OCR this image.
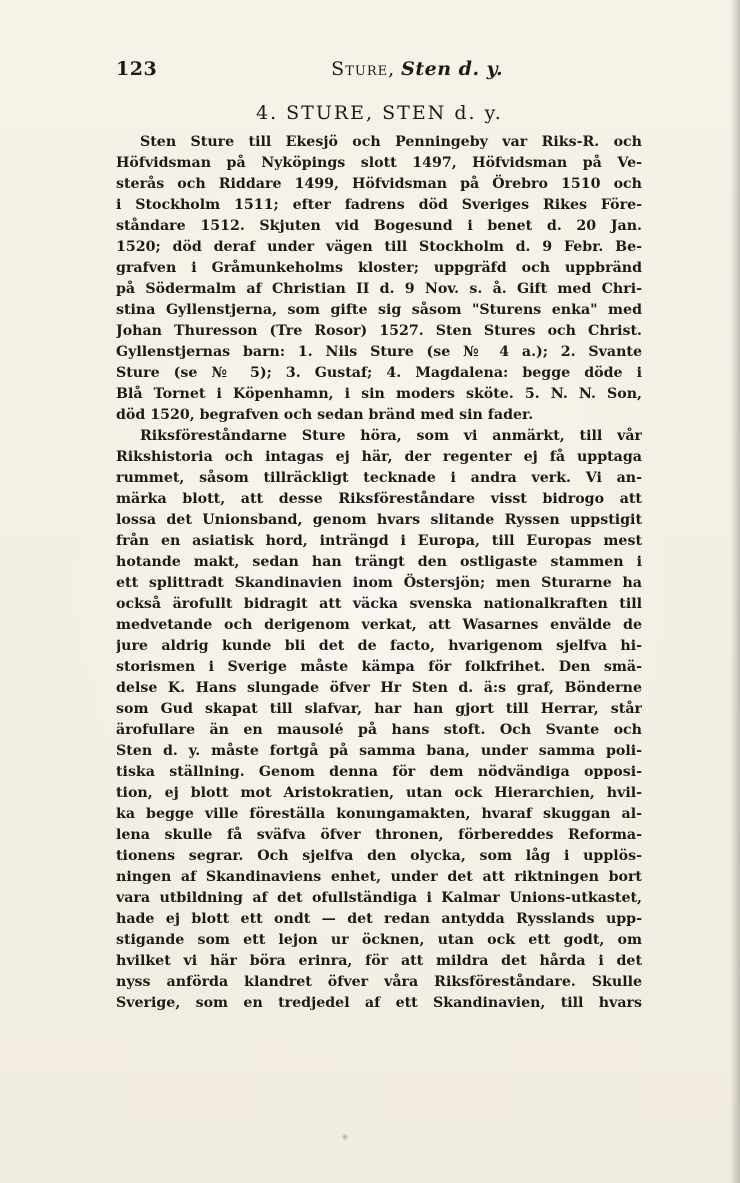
123	Sture, Sten d. y.
4. STURE, STEN d. y.
Sten Sture till Ekesjö och Penningeby var Riks-R. och
Höfvidsman på Nyköpings slott 1497, Höfvidsman på Ve-
sterås och Riddare 1499, Höfvidsman på Örebro 1510 och
i Stockholm 1511; efter fadrens död Sveriges Rikes Före-
ståndare 1512. Skjuten vid Bogesund i benet d. 20 Jan.
1520; död deraf under vägen till Stockholm d. 9 Febr. Be-
grafven i Gråmunkeholms kloster; uppgräfd och uppbränd
på Södermalm af Christian II d. 9 Nov. s. å. Gift med Chri-
stina Gyllenstjerna, som gifte sig såsom "Sturens enka" med
Johan Thuresson (Tre Rosor) 1527. Sten Stures och Christ.
Gyllenstjernas barn: 1. Nils Sture (se № 4 a.); 2. Svante
Sture (se № 5); 3. Gustaf; 4. Magdalena: begge döde i
Blå Tornet i Köpenhamn, i sin moders sköte. 5. N. N. Son,
död 1520, begrafven och sedan bränd med sin fader.
Riksföreståndarne Sture höra, som vi anmärkt, till vår
Rikshistoria och intagas ej här, der regenter ej få upptaga
rummet, såsom tillräckligt tecknade i andra verk. Vi an-
märka blott, att desse Riksföreståndare visst bidrogo att
lossa det Unionsband, genom hvars slitande Ryssen uppstigit
från en asiatisk hord, inträngd i Europa, till Europas mest
hotande makt, sedan han trängt den ostligaste stammen i
ett splittradt Skandinavien inom Östersjön; men Sturarne ha
också ärofullt bidragit att väcka svenska nationalkraften till
medvetande och derigenom verkat, att Wasarnes envälde de
jure aldrig kunde bli det de facto, hvarigenom sjelfva hi-
storismen i Sverige måste kämpa för folkfrihet. Den smä-
delse K. Hans slungade öfver Hr Sten d. ä:s graf, Bönderne
som Gud skapat till slafvar, har han gjort till Herrar, står
ärofullare än en mausolé på hans stoft. Och Svante och
Sten d. y. måste fortgå på samma bana, under samma poli-
tiska ställning. Genom denna för dem nödvändiga opposi-
tion, ej blott mot Aristokratien, utan ock Hierarchien, hvil-
ka begge ville föreställa konungamakten, hvaraf skuggan al-
lena skulle få sväfva öfver thronen, förbereddes Reforma-
tionens segrar. Och sjelfva den olycka, som låg i upplös-
ningen af Skandinaviens enhet, under det att riktningen bort
vara utbildning af det ofullständiga i Kalmar Unions-utkastet,
hade ej blott ett ondt — det redan antydda Rysslands upp-
stigande som ett lejon ur öcknen, utan ock ett godt, om
hvilket vi här böra erinra, för att mildra det hårda i det
nyss anförda klandret öfver våra Riksföreståndare. Skulle
Sverige, som en tredjedel af ett Skandinavien, till hvars
